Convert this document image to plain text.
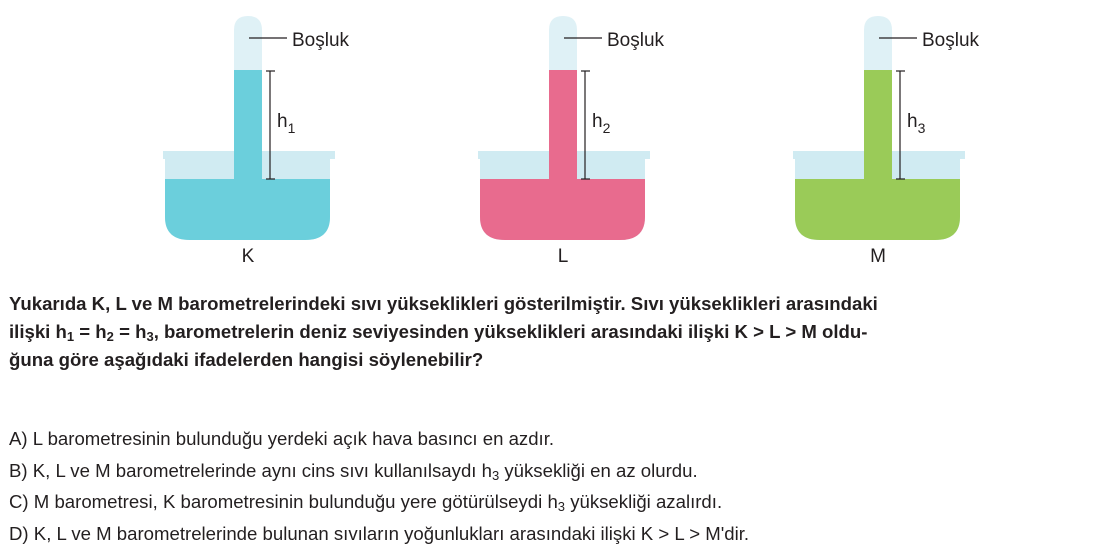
Boşluk
$h_1$
K
Boşluk
$h_2$
L
Boşluk
$h_3$
M

Yukarıda K, L ve M barometrelerindeki sıvı yükseklikleri gösterilmiştir. Sıvı yükseklikleri arasındaki
ilişki $h_1 = h_2 = h_3$, barometrelerin deniz seviyesinden yükseklikleri arasındaki ilişki K > L > M oldu-
ğuna göre aşağıdaki ifadelerden hangisi söylenebilir?

A) L barometresinin bulunduğu yerdeki açık hava basıncı en azdır.
B) K, L ve M barometrelerinde aynı cins sıvı kullanılsaydı $h_3$ yüksekliği en az olurdu.
C) M barometresi, K barometresinin bulunduğu yere götürülseydi $h_3$ yüksekliği azalırdı.
D) K, L ve M barometrelerinde bulunan sıvıların yoğunlukları arasındaki ilişki K > L > M'dir.
